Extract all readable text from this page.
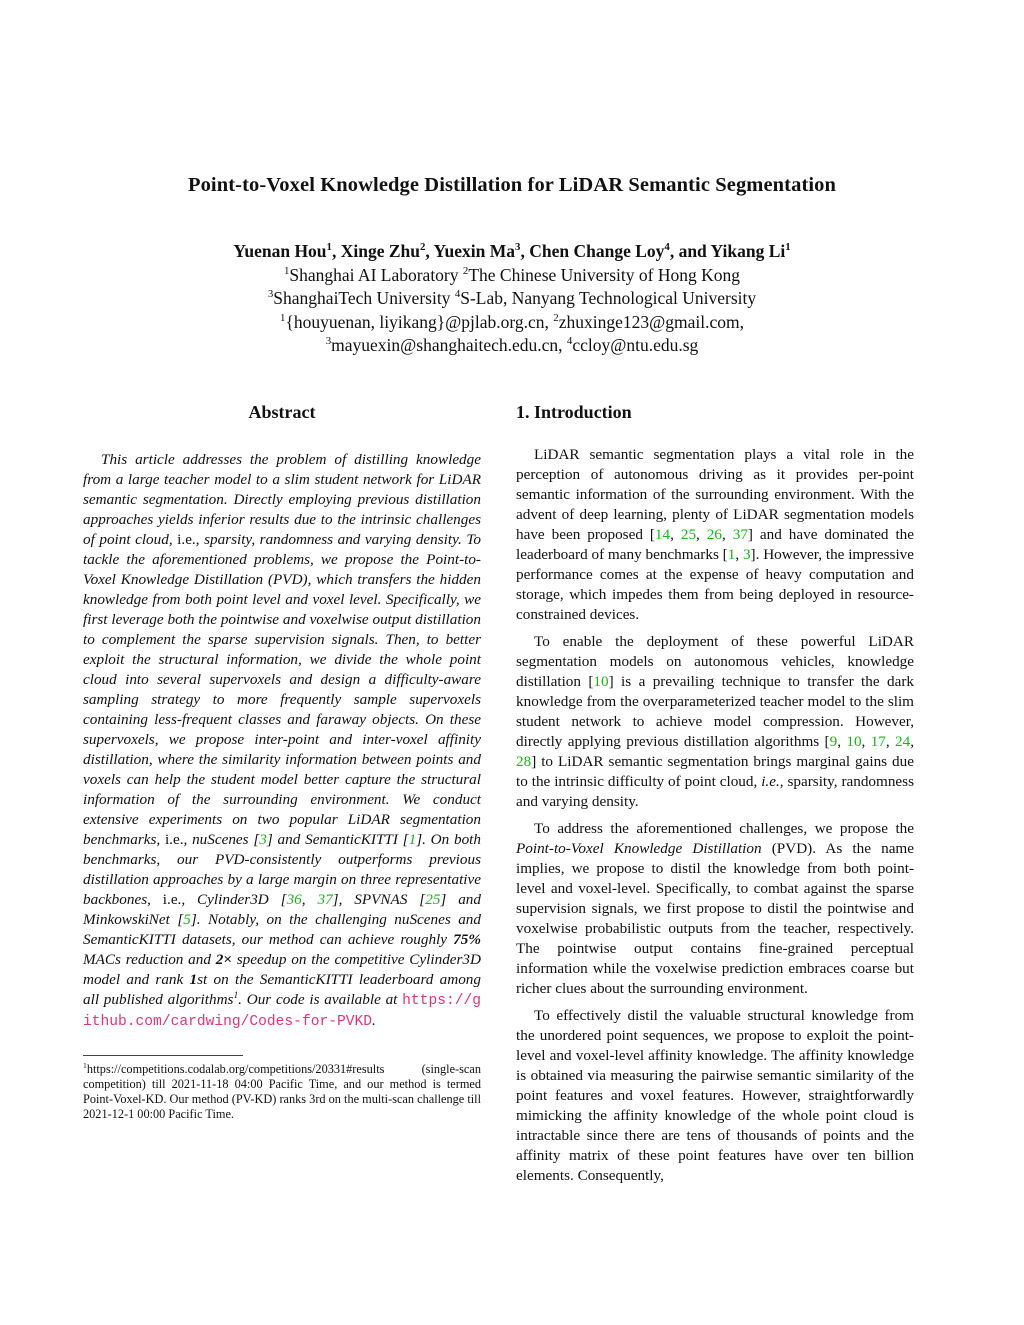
Point-to-Voxel Knowledge Distillation for LiDAR Semantic Segmentation
Yuenan Hou$^1$, Xinge Zhu$^2$, Yuexin Ma$^3$, Chen Change Loy$^4$, and Yikang Li$^1$
$^1$Shanghai AI Laboratory $^2$The Chinese University of Hong Kong
$^3$ShanghaiTech University $^4$S-Lab, Nanyang Technological University
$^1${houyuenan, liyikang}@pjlab.org.cn, $^2$zhuxinge123@gmail.com,
$^3$mayuexin@shanghaitech.edu.cn, $^4$ccloy@ntu.edu.sg
Abstract

This article addresses the problem of distilling knowledge from a large teacher model to a slim student network for LiDAR semantic segmentation. Directly employing previous distillation approaches yields inferior results due to the intrinsic challenges of point cloud, i.e., sparsity, randomness and varying density. To tackle the aforementioned problems, we propose the Point-to-Voxel Knowledge Distillation (PVD), which transfers the hidden knowledge from both point level and voxel level. Specifically, we first leverage both the pointwise and voxelwise output distillation to complement the sparse supervision signals. Then, to better exploit the structural information, we divide the whole point cloud into several supervoxels and design a difficulty-aware sampling strategy to more frequently sample supervoxels containing less-frequent classes and faraway objects. On these supervoxels, we propose inter-point and inter-voxel affinity distillation, where the similarity information between points and voxels can help the student model better capture the structural information of the surrounding environment. We conduct extensive experiments on two popular LiDAR segmentation benchmarks, i.e., nuScenes [3] and SemanticKITTI [1]. On both benchmarks, our PVD-consistently outperforms previous distillation approaches by a large margin on three representative backbones, i.e., Cylinder3D [36, 37], SPVNAS [25] and MinkowskiNet [5]. Notably, on the challenging nuScenes and SemanticKITTI datasets, our method can achieve roughly 75% MACs reduction and 2× speedup on the competitive Cylinder3D model and rank 1st on the SemanticKITTI leaderboard among all published algorithms$^1$. Our code is available at https://github.com/cardwing/Codes-for-PVKD.

$^1$https://competitions.codalab.org/competitions/20331#results (single-scan competition) till 2021-11-18 04:00 Pacific Time, and our method is termed Point-Voxel-KD. Our method (PV-KD) ranks 3rd on the multi-scan challenge till 2021-12-1 00:00 Pacific Time.
1. Introduction

LiDAR semantic segmentation plays a vital role in the perception of autonomous driving as it provides per-point semantic information of the surrounding environment. With the advent of deep learning, plenty of LiDAR segmentation models have been proposed [14, 25, 26, 37] and have dominated the leaderboard of many benchmarks [1, 3]. However, the impressive performance comes at the expense of heavy computation and storage, which impedes them from being deployed in resource-constrained devices.

To enable the deployment of these powerful LiDAR segmentation models on autonomous vehicles, knowledge distillation [10] is a prevailing technique to transfer the dark knowledge from the overparameterized teacher model to the slim student network to achieve model compression. However, directly applying previous distillation algorithms [9, 10, 17, 24, 28] to LiDAR semantic segmentation brings marginal gains due to the intrinsic difficulty of point cloud, i.e., sparsity, randomness and varying density.

To address the aforementioned challenges, we propose the Point-to-Voxel Knowledge Distillation (PVD). As the name implies, we propose to distil the knowledge from both point-level and voxel-level. Specifically, to combat against the sparse supervision signals, we first propose to distil the pointwise and voxelwise probabilistic outputs from the teacher, respectively. The pointwise output contains fine-grained perceptual information while the voxelwise prediction embraces coarse but richer clues about the surrounding environment.

To effectively distil the valuable structural knowledge from the unordered point sequences, we propose to exploit the point-level and voxel-level affinity knowledge. The affinity knowledge is obtained via measuring the pairwise semantic similarity of the point features and voxel features. However, straightforwardly mimicking the affinity knowledge of the whole point cloud is intractable since there are tens of thousands of points and the affinity matrix of these point features have over ten billion elements. Consequently,
